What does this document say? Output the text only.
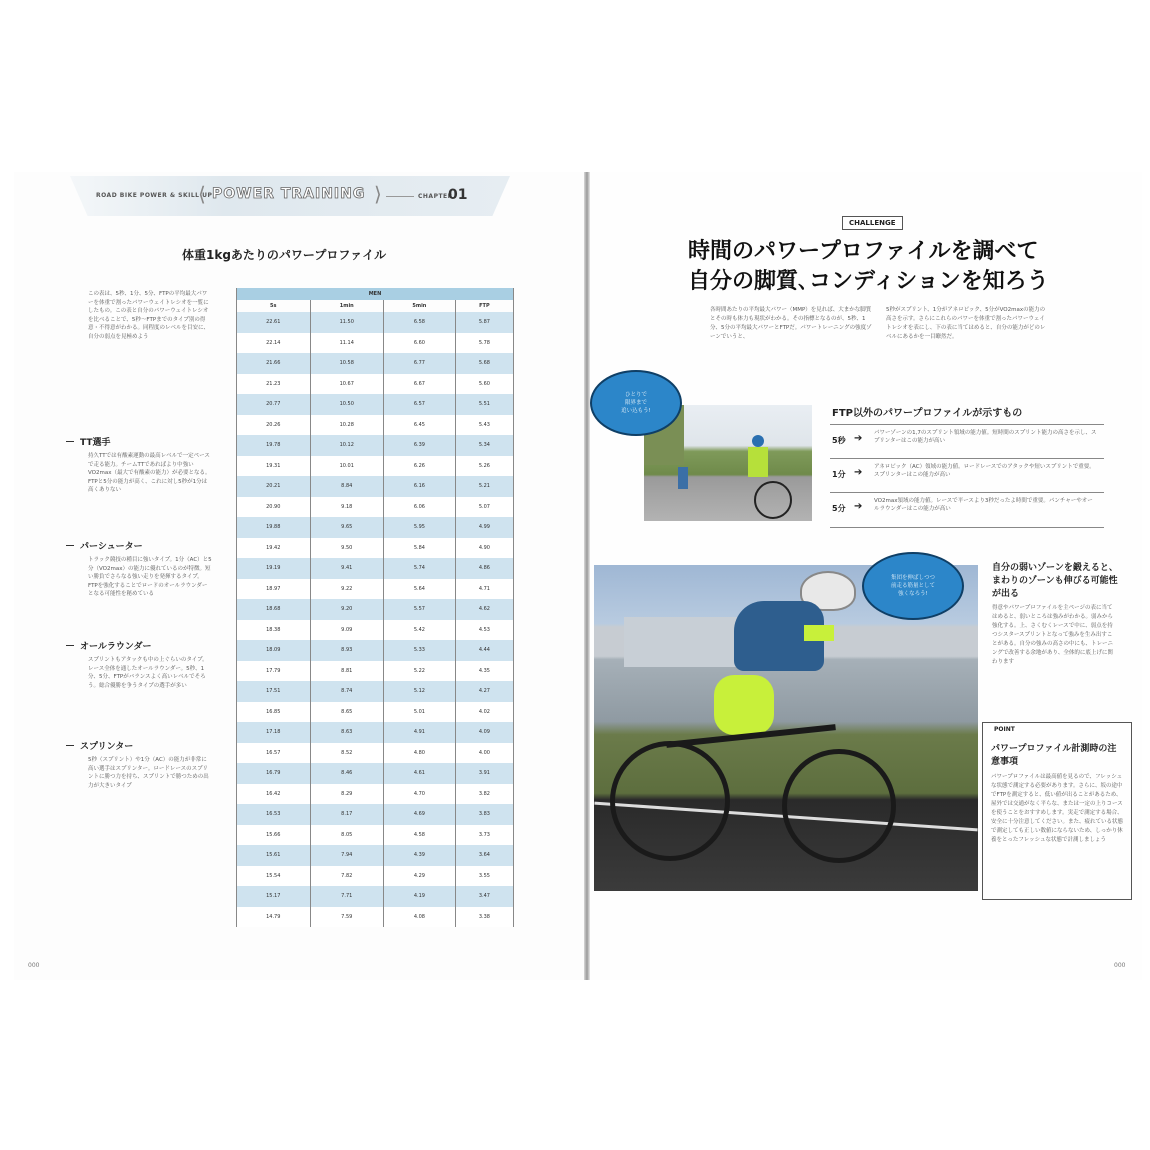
ROAD BIKE POWER & SKILL UP
⟨ POWER TRAINING ⟩	CHAPTER
01
体重1kgあたりのパワープロファイル
この表は、5秒、1分、5分、FTPの平均最大パワーを体重で割ったパワーウェイトレシオを一覧にしたもの。この表と自分のパワーウェイトレシオを比べることで、5秒〜FTPまでのタイプ別の得意・不得意がわかる。同程度のレベルを目安に、自分の弱点を見極めよう
TT選手
持久TTでは有酸素運動の最高レベルで一定ペースで走る能力。チームTTであればより中強いVO2max（最大で有酸素の能力）が必要となる。FTPと5分の能力が高く、これに対し5秒が1分は高くありない
パーシューター
トラック競技の種目に強いタイプ。1分（AC）と5分（VO2max）の能力に優れているのが特徴。短い勝負でさらなる強い走りを発揮するタイプ。FTPを強化することでロードのオールラウンダーとなる可能性を秘めている
オールラウンダー
スプリントもアタックも中の上ぐらいのタイプ。レース全体を通したオールラウンダー。5秒、1分、5分、FTPがバランスよく高いレベルでそろう。総合優勝を争うタイプの選手が多い
スプリンター
5秒（スプリント）や1分（AC）の能力が非常に高い選手はスプリンター。ロードレースのスプリントに勝つ力を持ち、スプリントで勝つための出力が大きいタイプ
MEN			
5s	1min	5min	FTP
22.61	11.50	6.58	5.87
22.14	11.14	6.60	5.78
21.66	10.58	6.77	5.68
21.23	10.67	6.67	5.60
20.77	10.50	6.57	5.51
20.26	10.28	6.45	5.43
19.78	10.12	6.39	5.34
19.31	10.01	6.26	5.26
20.21	8.84	6.16	5.21
20.90	9.18	6.06	5.07
19.88	9.65	5.95	4.99
19.42	9.50	5.84	4.90
19.19	9.41	5.74	4.86
18.97	9.22	5.64	4.71
18.68	9.20	5.57	4.62
18.38	9.09	5.42	4.53
18.09	8.93	5.33	4.44
17.79	8.81	5.22	4.35
17.51	8.74	5.12	4.27
16.85	8.65	5.01	4.02
17.18	8.63	4.91	4.09
16.57	8.52	4.80	4.00
16.79	8.46	4.61	3.91
16.42	8.29	4.70	3.82
16.53	8.17	4.69	3.83
15.66	8.05	4.58	3.73
15.61	7.94	4.39	3.64
15.54	7.82	4.29	3.55
15.17	7.71	4.19	3.47
14.79	7.59	4.08	3.38
000
CHALLENGE
時間のパワープロファイルを調べて
自分の脚質､コンディションを知ろう
各時間あたりの平均最大パワー（MMP）を見れば、大まかな脚質とその時も体力も現状がわかる。その指標となるのが、5秒、1分、5分の平均最大パワーとFTPだ。パワートレーニングの強度ゾーンでいうと、
5秒がスプリント、1分がアネロビック、5分がVO2maxの能力の高さを示す。さらにこれらのパワーを体重で割ったパワーウェイトレシオを表にし、下の表に当てはめると、自分の能力がどのレベルにあるかを一目瞭然だ。
ひとりで
限界まで
追い込もう!	FTP以外のパワープロファイルが示すもの
5秒 ➔ パワーゾーンの1,7のスプリント領域の能力値。短時間のスプリント能力の高さを示し、スプリンターはこの能力が高い
1分 ➔ アネロビック（AC）領域の能力値。ロードレースでのアタックや短いスプリントで重要。スプリンターはこの能力が高い
5分 ➔ VO2max領域の能力値。レースで平ースより3秒だったよ時間で重要。パンチャーやオールラウンダーはこの能力が高い
集団を伸ばしつつ
前走る筋量として
強くなろう!
自分の弱いゾーンを鍛えると、まわりのゾーンも伸びる可能性が出る
得意やパワープロファイルを主ページの表に当てはめると、弱いところは強みがわかる。弱みから強化する。上、さくむくレースで中に、弱点を持つシスタースプリントとなって強みを生み出すことがある。自分の強みの高さの中にも、トレーニングで改善する余地があり、全体的に底上げに関わります
POINT
パワープロファイル計測時の注意事項
パワープロファイルは最高値を見るので、フレッシュな状態で測定する必要があります。さらに、坂の途中でFTPを測定すると、低い値が出ることがあるため、屋外では交通がなく平らな、または一定の上りコースを使うことをおすすめします。実走で測定する場合、安全に十分注意してください。また、疲れている状態で測定しても正しい数値にならないため、しっかり休養をとったフレッシュな状態で計測しましょう
000
